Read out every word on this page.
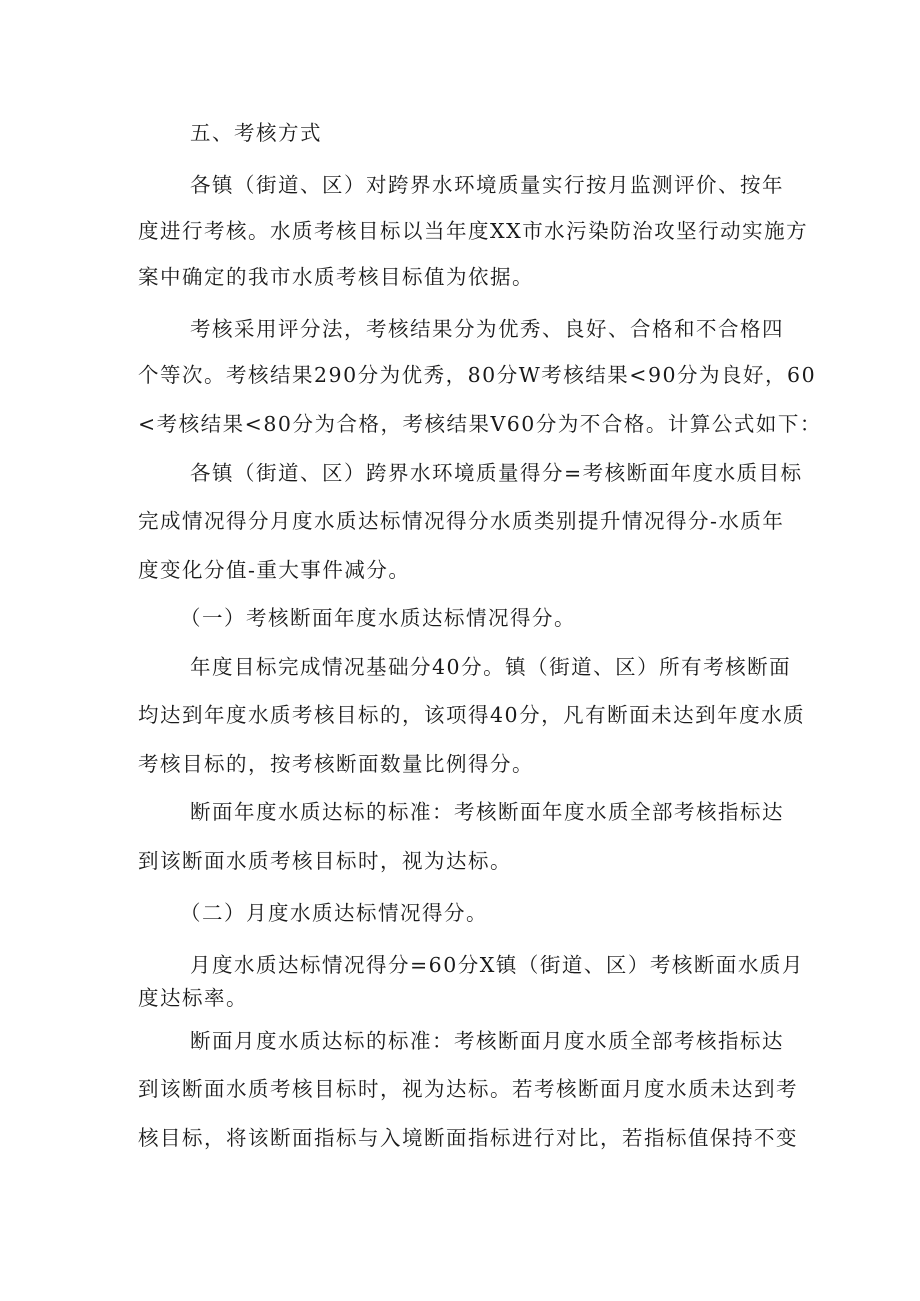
五、考核方式
各镇（街道、区）对跨界水环境质量实行按月监测评价、按年
度进行考核。水质考核目标以当年度XX市水污染防治攻坚行动实施方
案中确定的我市水质考核目标值为依据。
考核采用评分法，考核结果分为优秀、良好、合格和不合格四
个等次。考核结果290分为优秀，80分W考核结果<90分为良好，60
<考核结果<80分为合格，考核结果V60分为不合格。计算公式如下：
各镇（街道、区）跨界水环境质量得分=考核断面年度水质目标
完成情况得分月度水质达标情况得分水质类别提升情况得分-水质年
度变化分值-重大事件减分。
（一）考核断面年度水质达标情况得分。
年度目标完成情况基础分40分。镇（街道、区）所有考核断面
均达到年度水质考核目标的，该项得40分，凡有断面未达到年度水质
考核目标的，按考核断面数量比例得分。
断面年度水质达标的标准：考核断面年度水质全部考核指标达
到该断面水质考核目标时，视为达标。
（二）月度水质达标情况得分。
月度水质达标情况得分=60分X镇（街道、区）考核断面水质月
度达标率。
断面月度水质达标的标准：考核断面月度水质全部考核指标达
到该断面水质考核目标时，视为达标。若考核断面月度水质未达到考
核目标，将该断面指标与入境断面指标进行对比，若指标值保持不变
